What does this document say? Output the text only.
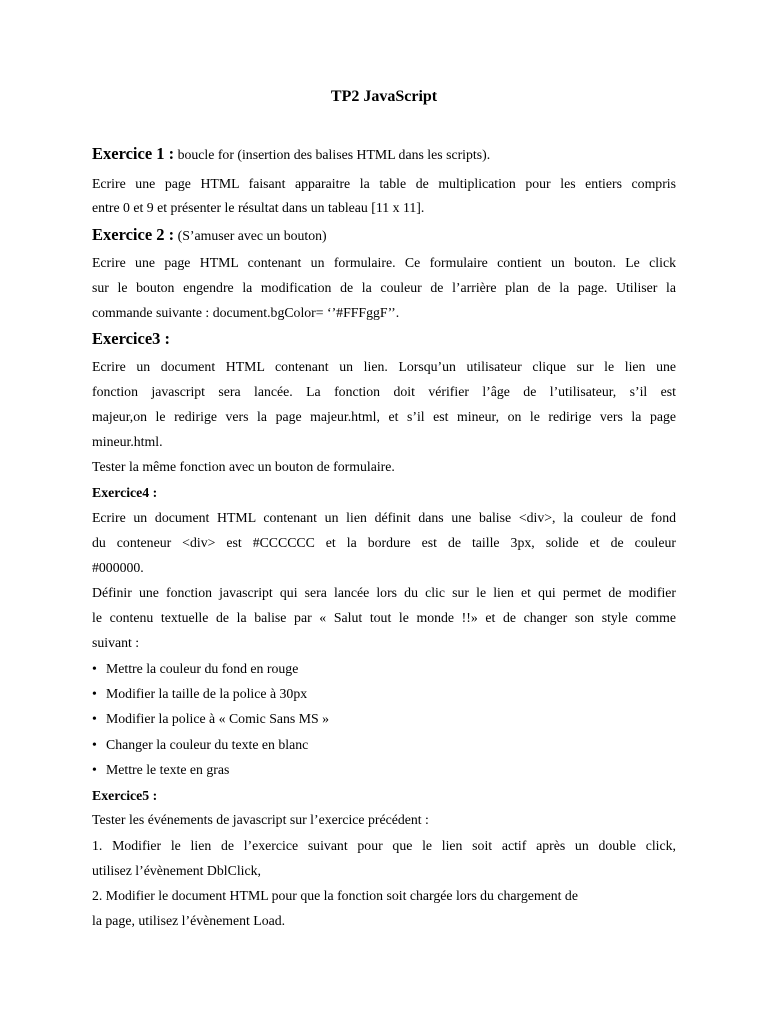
TP2 JavaScript
Exercice 1 : boucle for (insertion des balises HTML dans les scripts).
Ecrire une page HTML faisant apparaitre la table de multiplication pour les entiers compris
entre 0 et 9 et présenter le résultat dans un tableau [11 x 11].
Exercice 2 : (S’amuser avec un bouton)
Ecrire une page HTML contenant un formulaire. Ce formulaire contient un bouton. Le click
sur le bouton engendre la modification de la couleur de l’arrière plan de la page. Utiliser la
commande suivante : document.bgColor= ‘’#FFFggF’’.
Exercice3 :
Ecrire un document HTML contenant un lien. Lorsqu’un utilisateur clique sur le lien une
fonction javascript sera lancée. La fonction doit vérifier l’âge de l’utilisateur, s’il est
majeur,on le redirige vers la page majeur.html, et s’il est mineur, on le redirige vers la page
mineur.html.
Tester la même fonction avec un bouton de formulaire.
Exercice4 :
Ecrire un document HTML contenant un lien définit dans une balise <div>, la couleur de fond
du conteneur <div> est #CCCCCC et la bordure est de taille 3px, solide et de couleur
#000000.
Définir une fonction javascript qui sera lancée lors du clic sur le lien et qui permet de modifier
le contenu textuelle de la balise par « Salut tout le monde !!» et de changer son style comme
suivant :
• Mettre la couleur du fond en rouge
• Modifier la taille de la police à 30px
• Modifier la police à « Comic Sans MS »
• Changer la couleur du texte en blanc
• Mettre le texte en gras
Exercice5 :
Tester les événements de javascript sur l’exercice précédent :
1. Modifier le lien de l’exercice suivant pour que le lien soit actif après un double click,
utilisez l’évènement DblClick,
2. Modifier le document HTML pour que la fonction soit chargée lors du chargement de
la page, utilisez l’évènement Load.
